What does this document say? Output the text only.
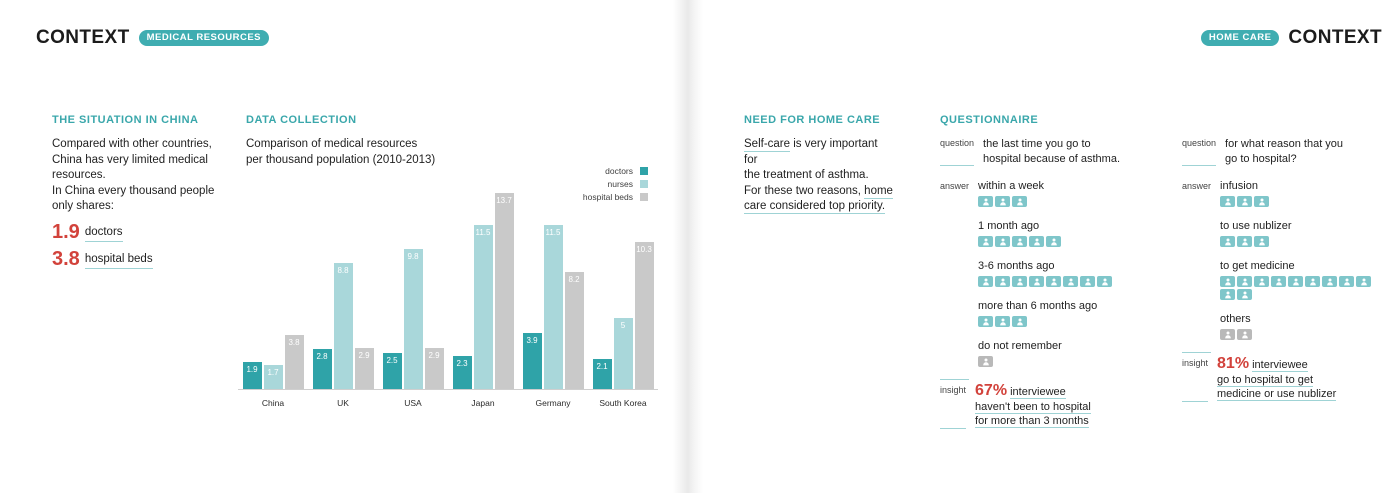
CONTEXT	MEDICAL RESOURCES
THE SITUATION IN CHINA
Compared with other countries,
China has very limited medical
resources.
In China every thousand people
only shares:
1.9 doctors
3.8 hospital beds
DATA COLLECTION
Comparison of medical resources
per thousand population (2010-2013)
doctors
nurses
hospital beds
1.9	1.7
3.8
China
2.8
8.8
2.9
UK
2.5
9.8
2.9
USA
2.3
11.5
13.7
Japan
3.9
11.5
8.2
Germany
2.1
5
10.3
South Korea
HOME CARE CONTEXT
NEED FOR HOME CARE
Self-care is very important for
the treatment of asthma.
For these two reasons, home
care considered top priority.
QUESTIONNAIRE
question the last time you go to
hospital because of asthma.
answer within a week
1 month ago
3-6 months ago
more than 6 months ago
do not remember
insight 67% interviewee
haven't been to hospital
for more than 3 months
question for what reason that you
go to hospital?
answer infusion
to use nublizer
to get medicine
others
insight 81% interviewee
go to hospital to get
medicine or use nublizer
